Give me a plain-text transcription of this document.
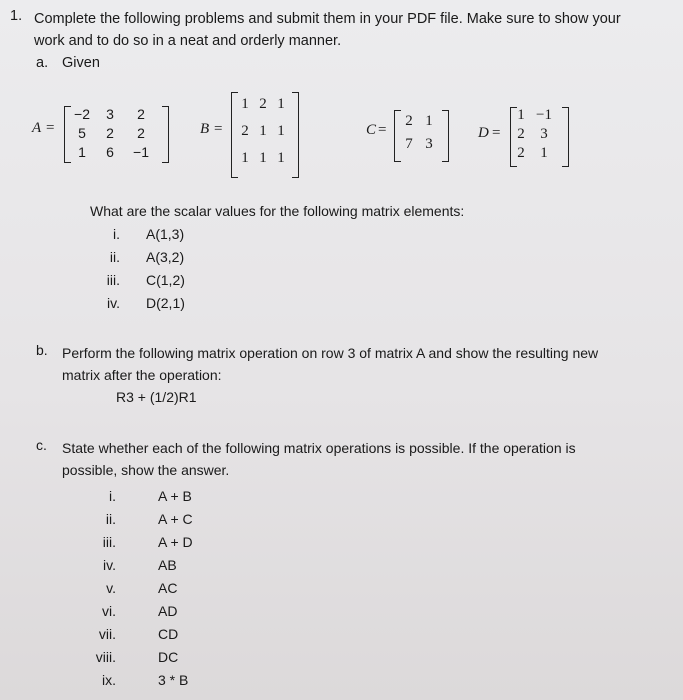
1. Complete the following problems and submit them in your PDF file. Make sure to show your
work and to do so in a neat and orderly manner.
a. Given
A =
−2	3	2
5	2	2
1	6	−1
B =
1 2 1
2 1 1
1 1 1
C =
2 1
7 3
D =
1 −1
2	3
2	1
What are the scalar values for the following matrix elements:
i. A(1,3)
ii. A(3,2)
iii. C(1,2)
iv. D(2,1)
b. Perform the following matrix operation on row 3 of matrix A and show the resulting new
matrix after the operation:
R3 + (1/2)R1
c. State whether each of the following matrix operations is possible. If the operation is
possible, show the answer.
i.	A + B
ii.	A + C
iii.	A + D
iv.	AB
v.	AC
vi.	AD
vii.	CD
viii.	DC
ix.	3 * B
